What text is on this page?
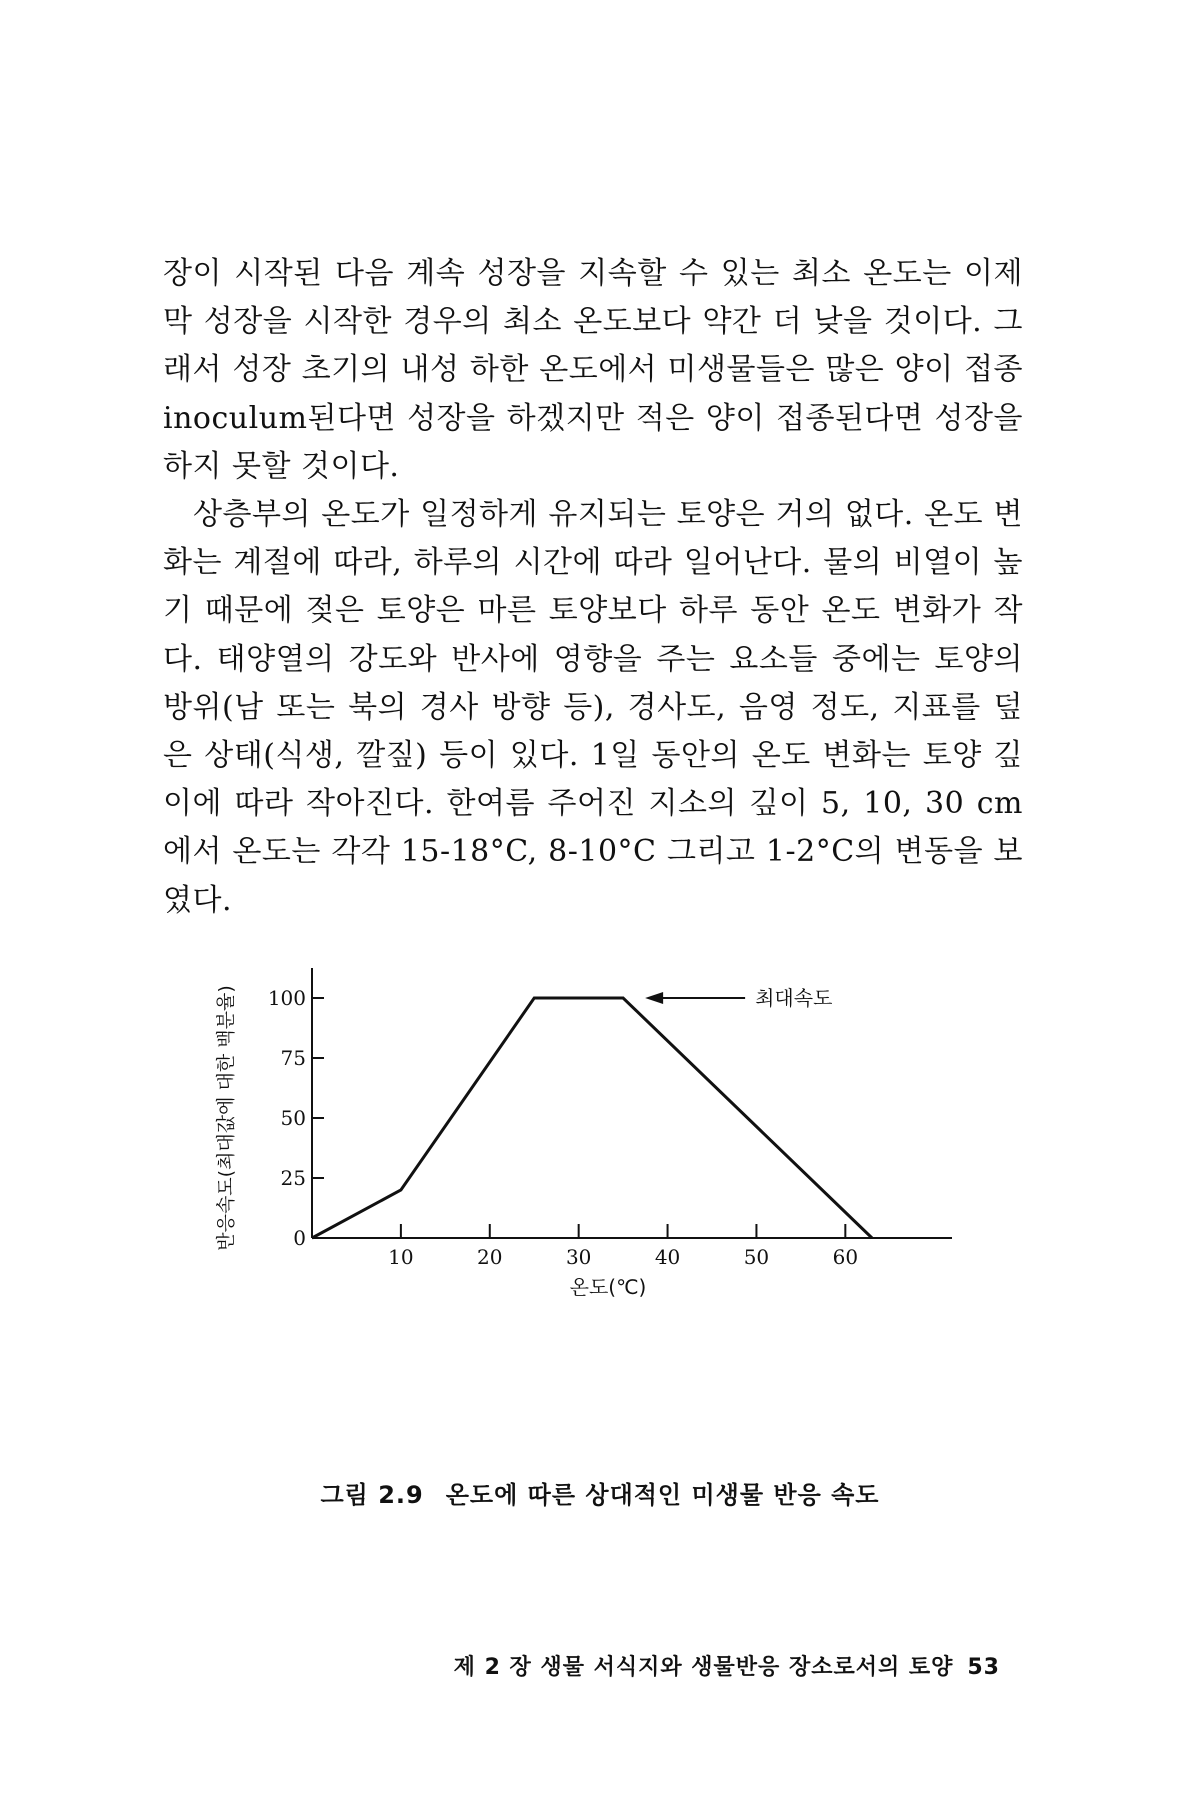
장이 시작된 다음 계속 성장을 지속할 수 있는 최소 온도는 이제 막 성장을 시작한 경우의 최소 온도보다 약간 더 낮을 것이다. 그래서 성장 초기의 내성 하한 온도에서 미생물들은 많은 양이 접종 inoculum된다면 성장을 하겠지만 적은 양이 접종된다면 성장을 하지 못할 것이다.

상층부의 온도가 일정하게 유지되는 토양은 거의 없다. 온도 변화는 계절에 따라, 하루의 시간에 따라 일어난다. 물의 비열이 높기 때문에 젖은 토양은 마른 토양보다 하루 동안 온도 변화가 작다. 태양열의 강도와 반사에 영향을 주는 요소들 중에는 토양의 방위(남 또는 북의 경사 방향 등), 경사도, 음영 정도, 지표를 덮은 상태(식생, 깔짚) 등이 있다. 1일 동안의 온도 변화는 토양 깊이에 따라 작아진다. 한여름 주어진 지소의 깊이 5, 10, 30 cm에서 온도는 각각 15-18°C, 8-10°C 그리고 1-2°C의 변동을 보였다.

0
25
50
75
100
10	20	30	40	50	60
온도(℃)
반응속도(최대값에 대한 백분율)	최대속도
그림 2.9 온도에 따른 상대적인 미생물 반응 속도
제 2 장 생물 서식지와 생물반응 장소로서의 토양 53
